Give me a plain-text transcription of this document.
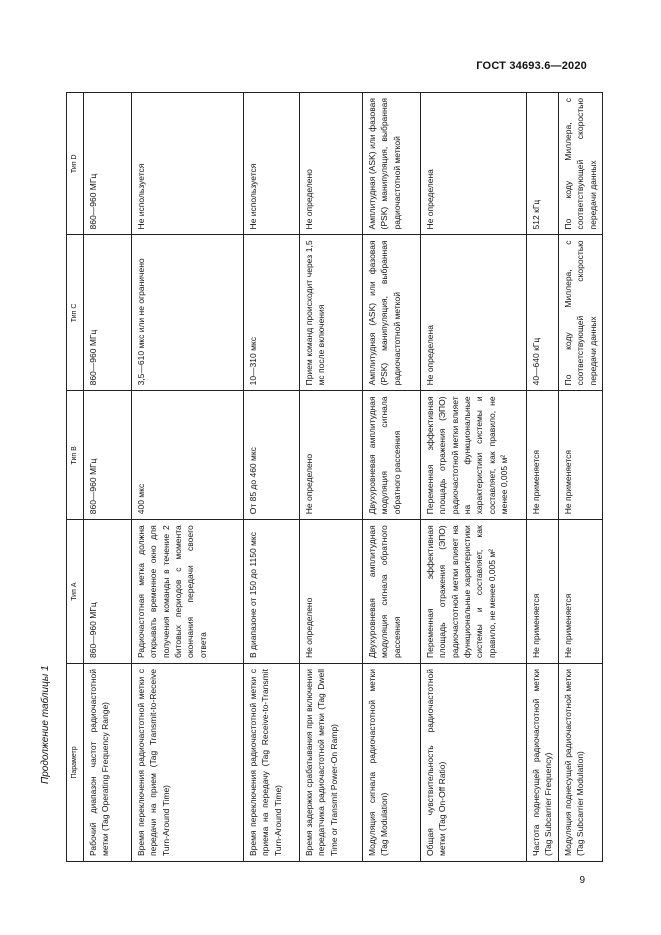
ГОСТ 34693.6—2020
Продолжение таблицы 1	Параметр	Тип A	Тип B	Тип C	Тип D
Рабочий диапазон частот радиочастотной метки (Tag Operating Frequency Range)	860—960 МГц	860—960 МГц	860—960 МГц	860—960 МГц
Время переключения радиочастотной метки с передачи на прием (Tag Transmit-to-Receive Turn-Around Time)	Радиочастотная метка должна открывать временное окно для получения команды в течение 2 битовых периодов с момента окончания передачи своего ответа	400 мкс	3,5—610 мкс или не ограничено	Не используется
Время переключения радиочастотной метки с приема на передачу (Tag Receive-to-Transmit Turn-Around Time)	В диапазоне от 150 до 1150 мкс	От 85 до 460 мкс	10—310 мкс	Не используется
Время задержки срабатывания при включении передатчика радиочастотной метки (Tag Dwell Time or Transmit Power-On Ramp)	Не определено	Не определено	Прием команд происходит через 1,5 мс после включения	Не определено
Модуляция сигнала радиочастотной метки (Tag Modulation)	Двухуровневая амплитудная модуляция сигнала обратного рассеяния	Двухуровневая амплитудная модуляция сигнала обратного рассеяния	Амплитудная (ASK) или фазовая (PSK) манипуляция, выбранная радиочастотной меткой	Амплитудная (ASK) или фазовая (PSK) манипуляция, выбранная радиочастотной меткой
Общая чувствительность радиочастотной метки (Tag On-Off Ratio)	Переменная эффективная площадь отражения (ЭПО) радиочастотной метки влияет на функциональные характеристики системы и составляет, как правило, не менее 0,005 м²	Переменная эффективная площадь отражения (ЭПО) радиочастотной метки влияет на функциональные характеристики системы и составляет, как правило, не менее 0,005 м²	Не определена	Не определена
Частота поднесущей радиочастотной метки (Tag Subcarrier Frequency)	Не применяется	Не применяется	40—640 кГц	512 кГц
Модуляция поднесущей радиочастотной метки (Tag Subcarrier Modulation)	Не применяется	Не применяется	По коду Миллера, с соответствующей скоростью передачи данных	По коду Миллера, с соответствующей скоростью передачи данных
9
